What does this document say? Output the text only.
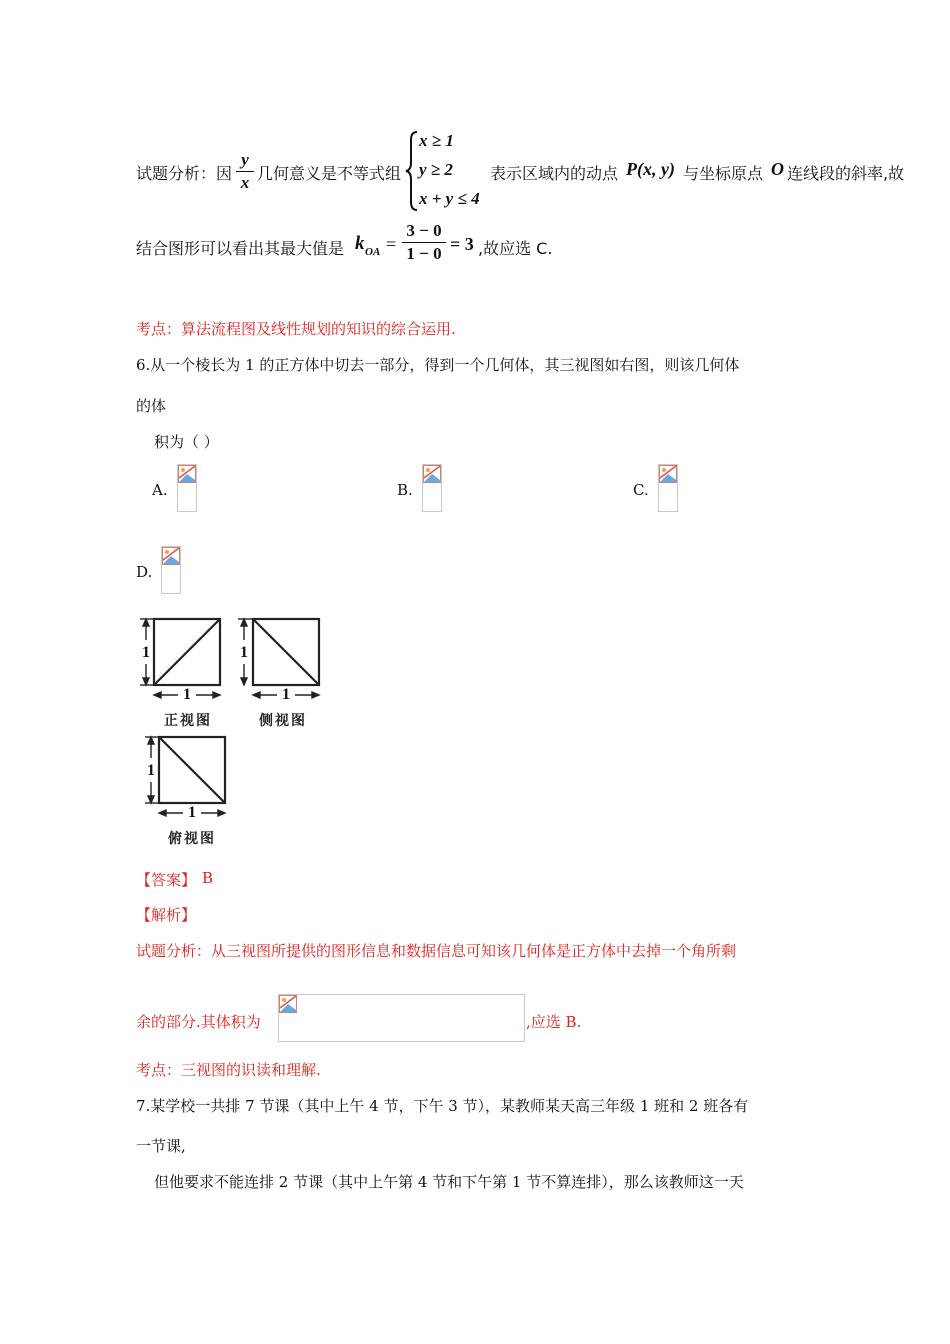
试题分析：因
y
x 几何意义是不等式组
x ≥ 1
y ≥ 2
x + y ≤ 4
表示区域内的动点 P(x, y) 与坐标原点 O 连线段的斜率,故
结合图形可以看出其最大值是 k OA =
3 − 0
1 − 0 = 3 ,故应选 C.
考点：算法流程图及线性规划的知识的综合运用.
6.从一个棱长为 1 的正方体中切去一部分，得到一个几何体，其三视图如右图，则该几何体
的体
积为（ ）
A.	B.	C.
D.
1
1
1
1
1
1
正视图	侧视图
俯视图
【答案】 B
【解析】
试题分析：从三视图所提供的图形信息和数据信息可知该几何体是正方体中去掉一个角所剩
余的部分.其体积为	,应选 B.
考点：三视图的识读和理解.
7.某学校一共排 7 节课（其中上午 4 节，下午 3 节），某教师某天高三年级 1 班和 2 班各有
一节课,
但他要求不能连排 2 节课（其中上午第 4 节和下午第 1 节不算连排），那么该教师这一天
